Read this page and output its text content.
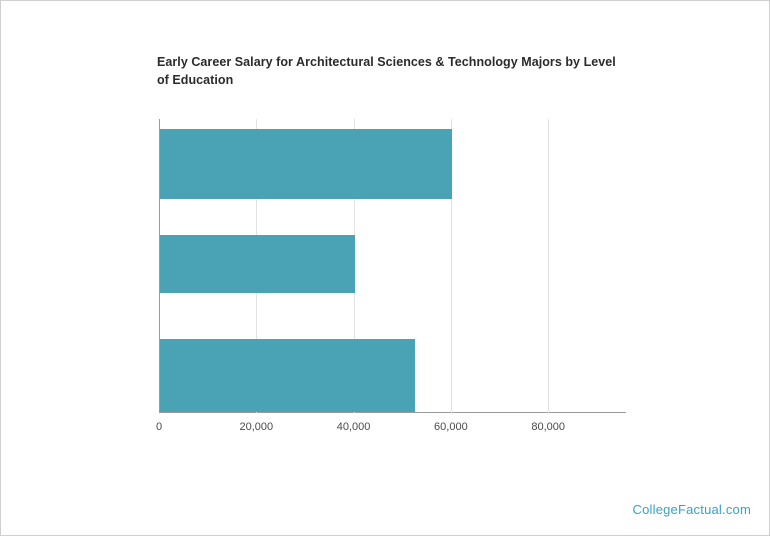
Early Career Salary for Architectural Sciences & Technology Majors by Level of Education
0	20,000	40,000	60,000	80,000
CollegeFactual.com
